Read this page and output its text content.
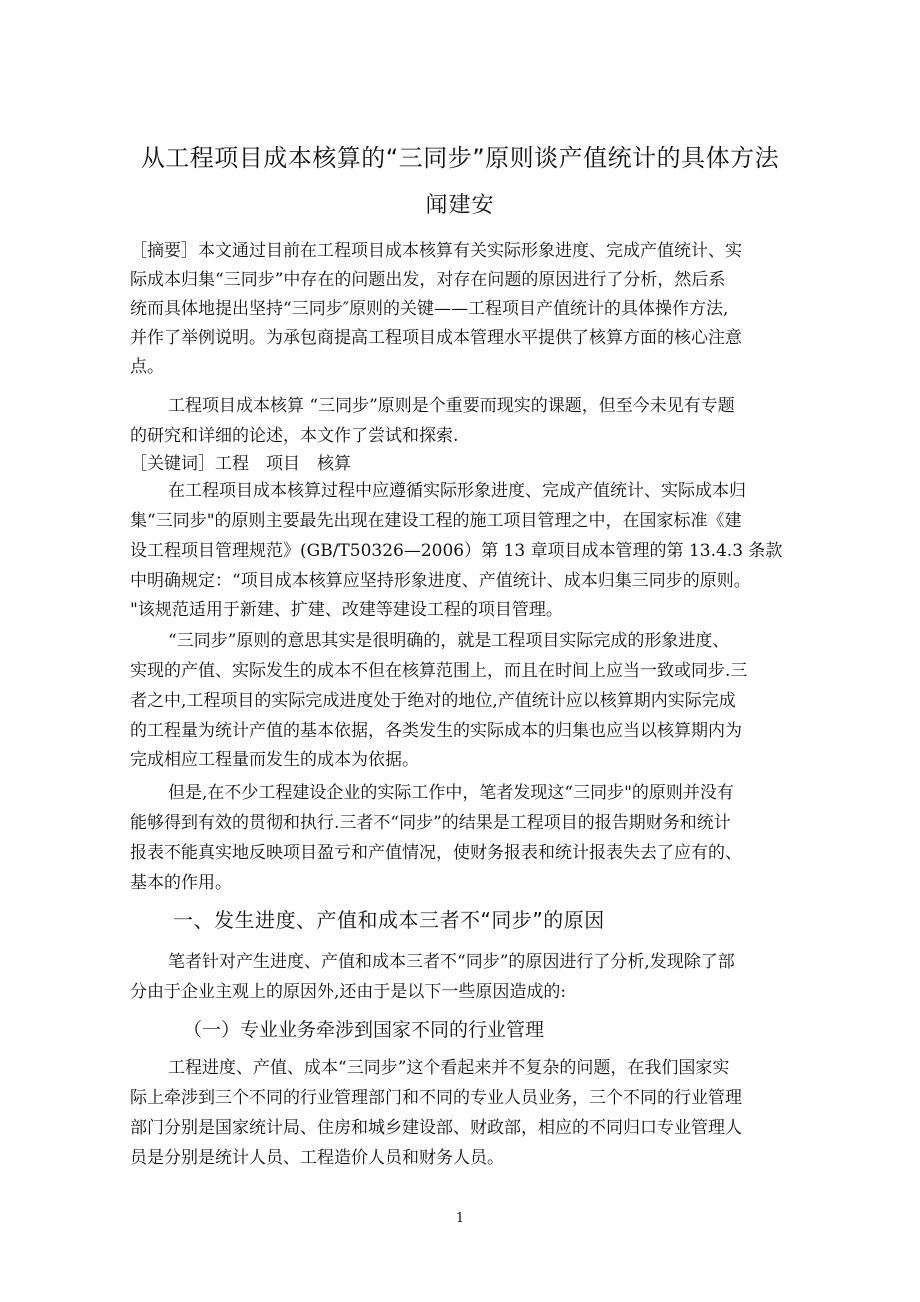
从工程项目成本核算的“三同步”原则谈产值统计的具体方法
闻建安
［摘要］本文通过目前在工程项目成本核算有关实际形象进度、完成产值统计、实
际成本归集“三同步”中存在的问题出发，对存在问题的原因进行了分析，然后系
统而具体地提出坚持“三同步″原则的关键——工程项目产值统计的具体操作方法,
并作了举例说明。为承包商提高工程项目成本管理水平提供了核算方面的核心注意
点。
工程项目成本核算 “三同步”原则是个重要而现实的课题，但至今未见有专题
的研究和详细的论述，本文作了尝试和探索.
［关键词］工程　项目　核算
在工程项目成本核算过程中应遵循实际形象进度、完成产值统计、实际成本归
集“三同步"的原则主要最先出现在建设工程的施工项目管理之中，在国家标准《建
设工程项目管理规范》(GB/T50326—2006）第 13 章项目成本管理的第 13.4.3 条款
中明确规定：“项目成本核算应坚持形象进度、产值统计、成本归集三同步的原则。
"该规范适用于新建、扩建、改建等建设工程的项目管理。
“三同步”原则的意思其实是很明确的，就是工程项目实际完成的形象进度、
实现的产值、实际发生的成本不但在核算范围上，而且在时间上应当一致或同步.三
者之中,工程项目的实际完成进度处于绝对的地位,产值统计应以核算期内实际完成
的工程量为统计产值的基本依据，各类发生的实际成本的归集也应当以核算期内为
完成相应工程量而发生的成本为依据。
但是,在不少工程建设企业的实际工作中，笔者发现这“三同步"的原则并没有
能够得到有效的贯彻和执行.三者不“同步”的结果是工程项目的报告期财务和统计
报表不能真实地反映项目盈亏和产值情况，使财务报表和统计报表失去了应有的、
基本的作用。
一、发生进度、产值和成本三者不“同步”的原因
笔者针对产生进度、产值和成本三者不“同步”的原因进行了分析,发现除了部
分由于企业主观上的原因外,还由于是以下一些原因造成的:
（一）专业业务牵涉到国家不同的行业管理
工程进度、产值、成本“三同步”这个看起来并不复杂的问题，在我们国家实
际上牵涉到三个不同的行业管理部门和不同的专业人员业务，三个不同的行业管理
部门分别是国家统计局、住房和城乡建设部、财政部，相应的不同归口专业管理人
员是分别是统计人员、工程造价人员和财务人员。
1
